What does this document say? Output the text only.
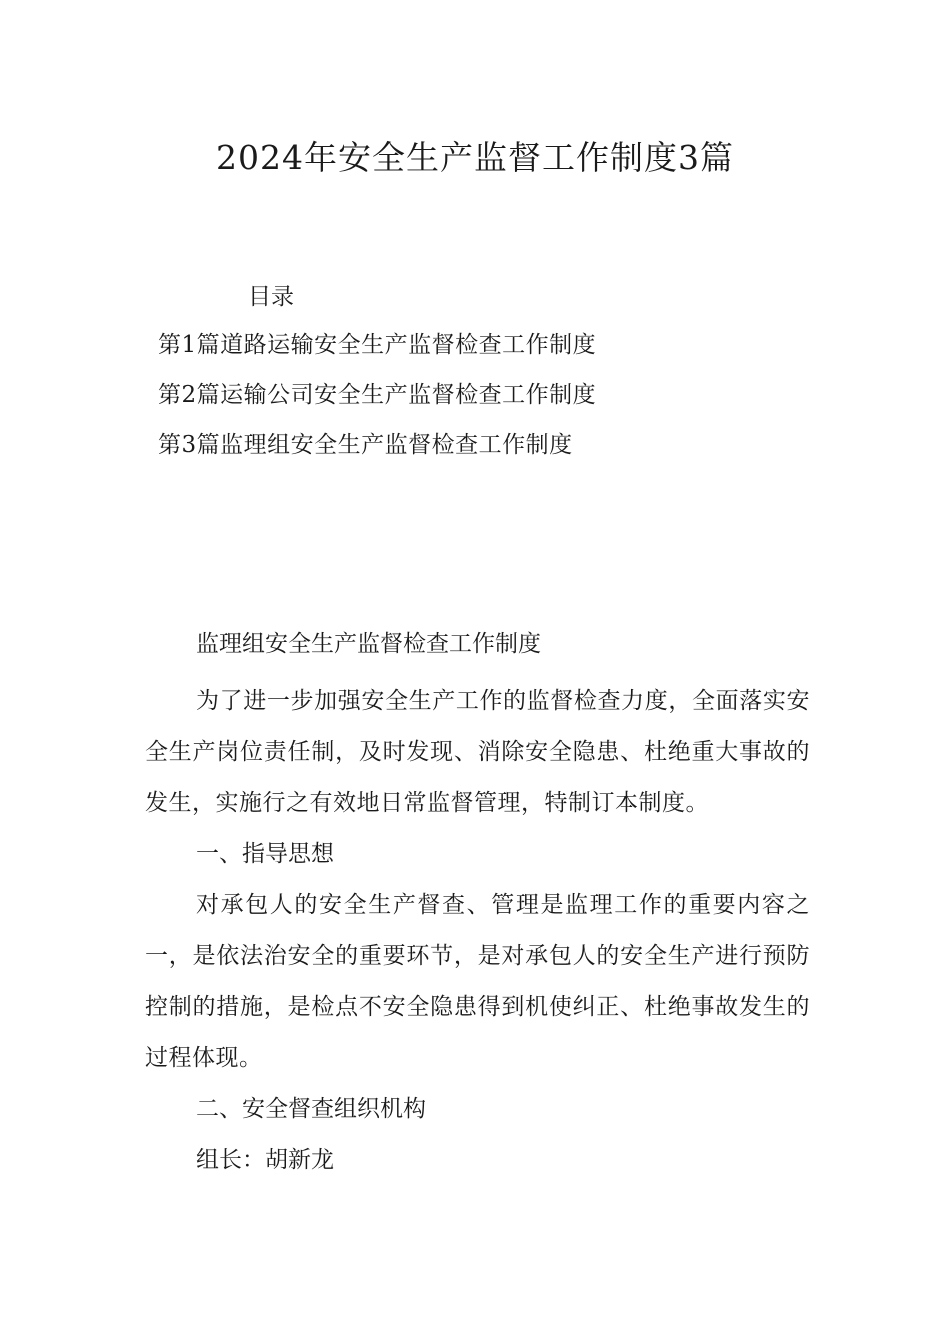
2024年安全生产监督工作制度3篇
目录
第1篇道路运输安全生产监督检查工作制度
第2篇运输公司安全生产监督检查工作制度
第3篇监理组安全生产监督检查工作制度
监理组安全生产监督检查工作制度

为了进一步加强安全生产工作的监督检查力度，全面落实安全生产岗位责任制，及时发现、消除安全隐患、杜绝重大事故的发生，实施行之有效地日常监督管理，特制订本制度。

一、指导思想

对承包人的安全生产督查、管理是监理工作的重要内容之一，是依法治安全的重要环节，是对承包人的安全生产进行预防控制的措施，是检点不安全隐患得到机使纠正、杜绝事故发生的过程体现。

二、安全督查组织机构
组长：胡新龙
